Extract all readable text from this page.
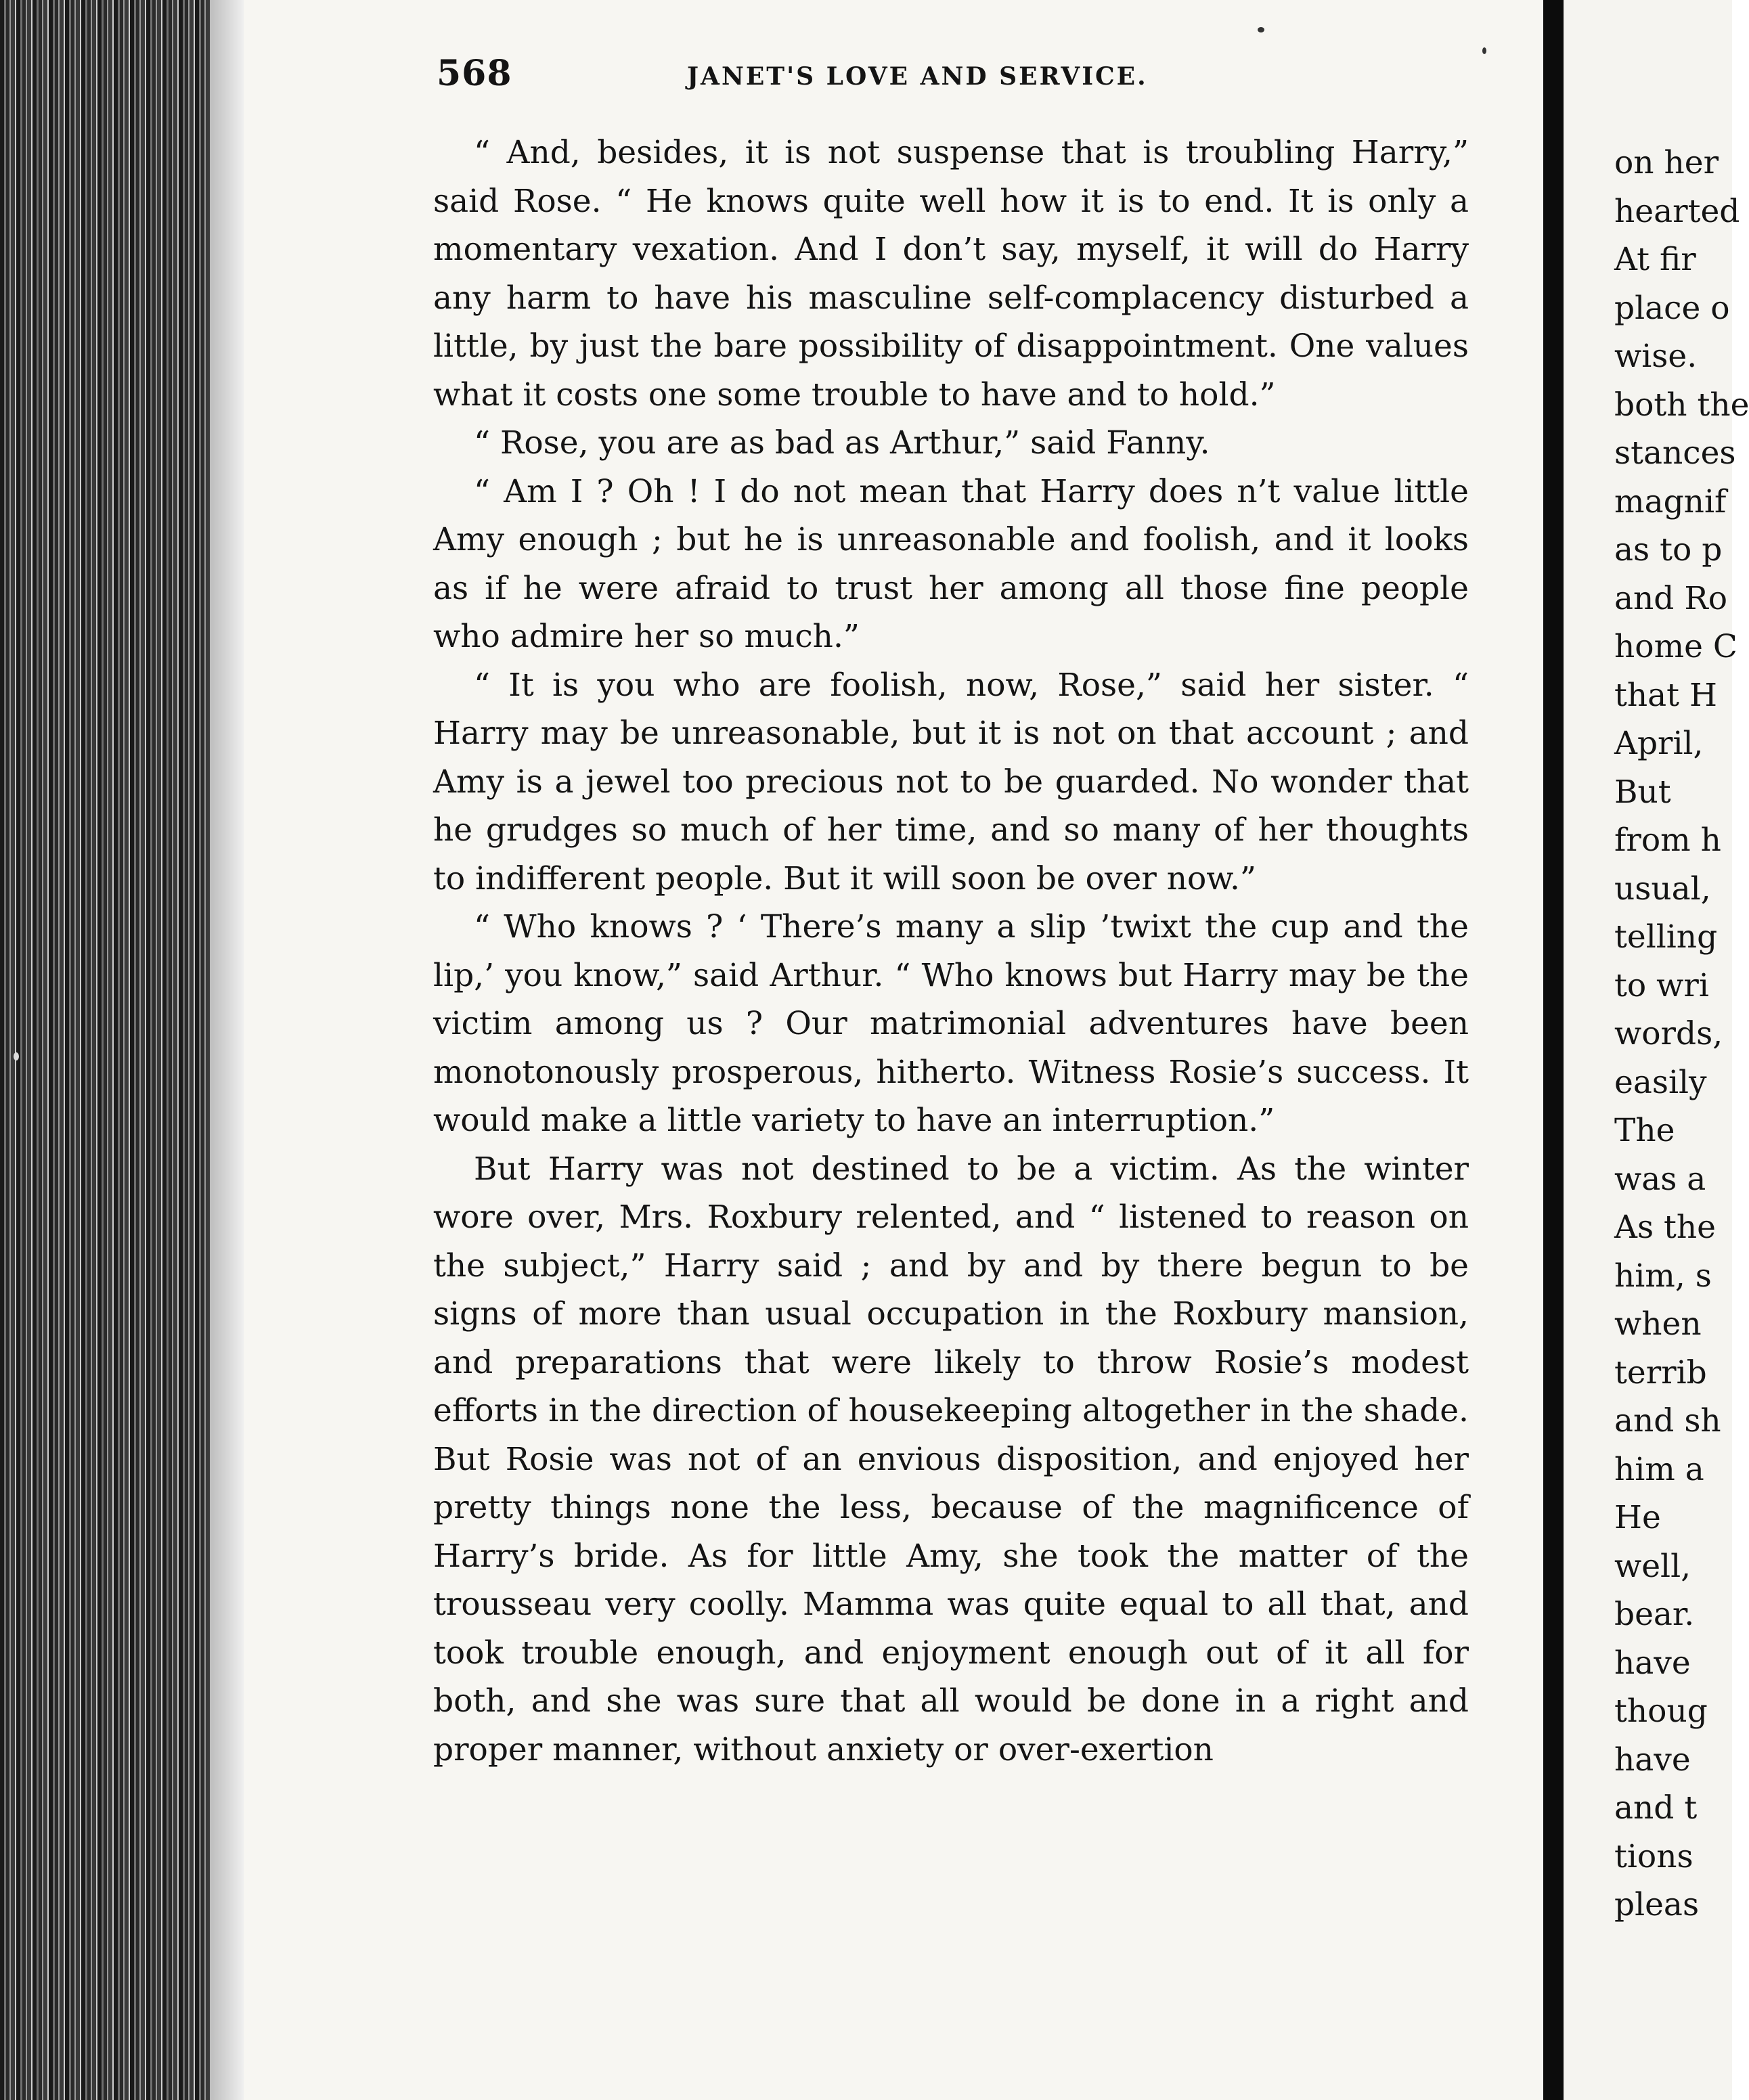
568	JANET'S LOVE AND SERVICE.

“ And, besides, it is not suspense that is troubling Harry,” said Rose. “ He knows quite well how it is to end. It is only a momentary vexation. And I don’t say, myself, it will do Harry any harm to have his masculine self-complacency disturbed a little, by just the bare possibility of disappointment. One values what it costs one some trouble to have and to hold.”

“ Rose, you are as bad as Arthur,” said Fanny.

“ Am I ? Oh ! I do not mean that Harry does n’t value little Amy enough ; but he is unreasonable and foolish, and it looks as if he were afraid to trust her among all those fine people who admire her so much.”

“ It is you who are foolish, now, Rose,” said her sister. “ Harry may be unreasonable, but it is not on that account ; and Amy is a jewel too precious not to be guarded. No wonder that he grudges so much of her time, and so many of her thoughts to indifferent people. But it will soon be over now.”

“ Who knows ? ‘ There’s many a slip ’twixt the cup and the lip,’ you know,” said Arthur. “ Who knows but Harry may be the victim among us ? Our matrimonial adventures have been monotonously prosperous, hitherto. Witness Rosie’s success. It would make a little variety to have an interruption.”

But Harry was not destined to be a victim. As the winter wore over, Mrs. Roxbury relented, and “ listened to reason on the subject,” Harry said ; and by and by there begun to be signs of more than usual occupation in the Roxbury mansion, and preparations that were likely to throw Rosie’s modest efforts in the direction of housekeeping altogether in the shade. But Rosie was not of an envious disposition, and enjoyed her pretty things none the less, because of the magnificence of Harry’s bride. As for little Amy, she took the matter of the trousseau very coolly. Mamma was quite equal to all that, and took trouble enough, and enjoyment enough out of it all for both, and she was sure that all would be done in a right and proper manner, without anxiety or over-exertion

on her
hearted
At fir
place o
wise.
both the
stances
magnif
as to p
and Ro
home C
that H
April,
But
from h
usual,
telling
to wri
words,
easily
The
was a
As the
him, s
when
terrib
and sh
him a
He
well,
bear.
have
thoug
have
and t
tions
pleas
